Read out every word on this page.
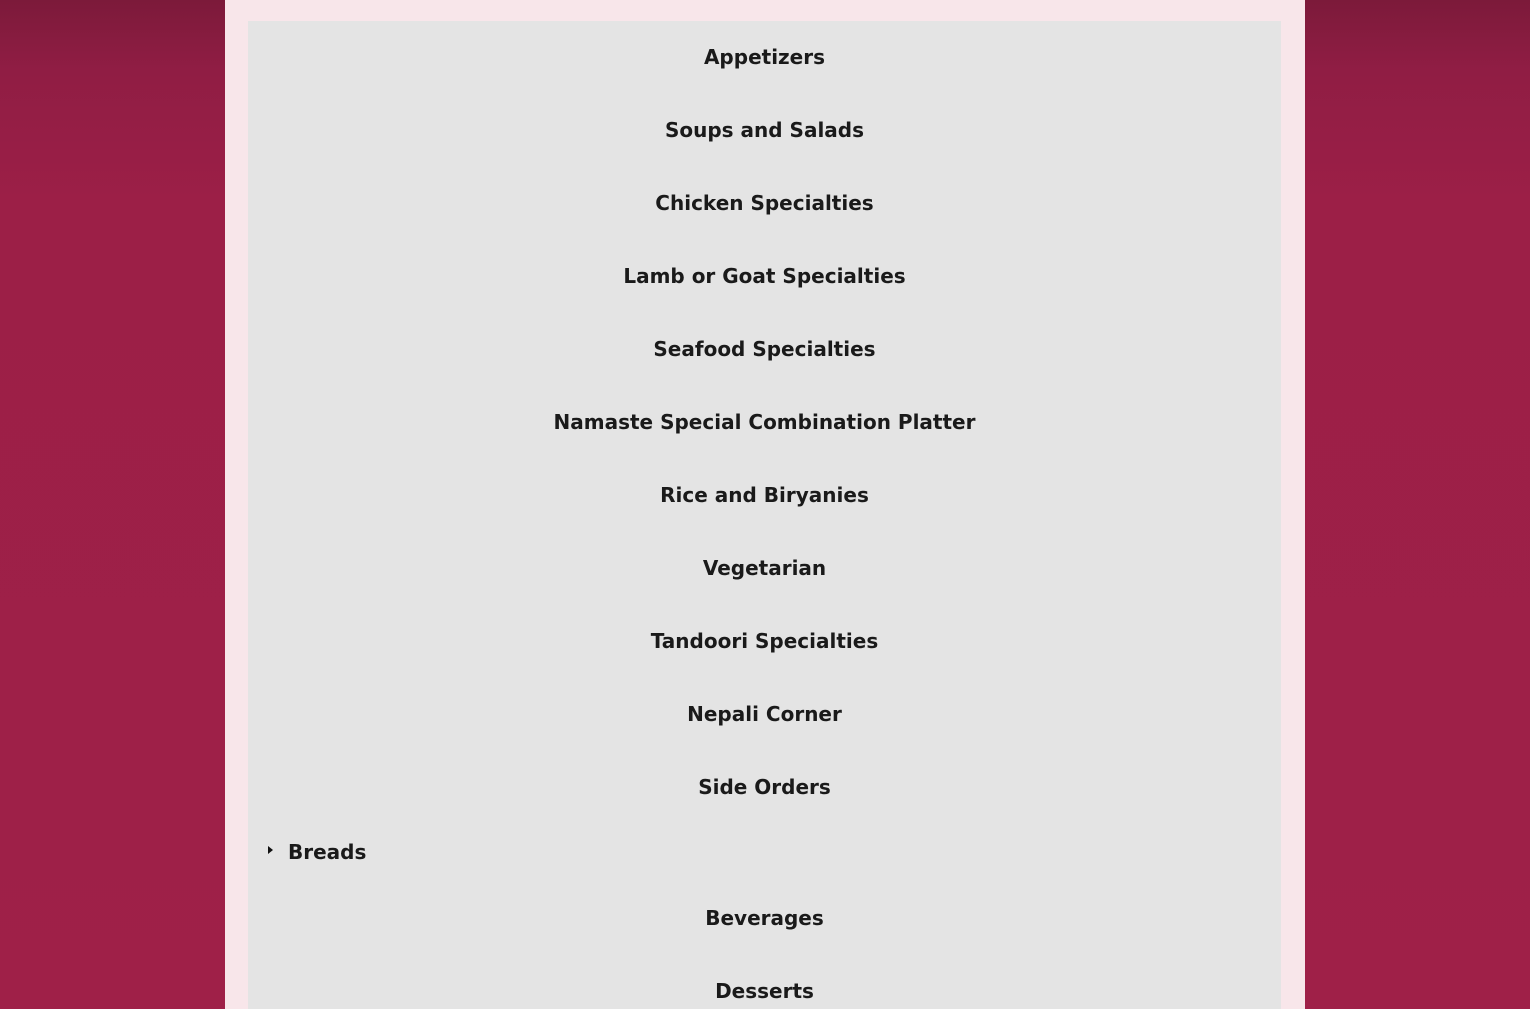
Appetizers
Soups and Salads
Chicken Specialties
Lamb or Goat Specialties
Seafood Specialties
Namaste Special Combination Platter
Rice and Biryanies
Vegetarian
Tandoori Specialties
Nepali Corner
Side Orders
Breads
Beverages
Desserts
